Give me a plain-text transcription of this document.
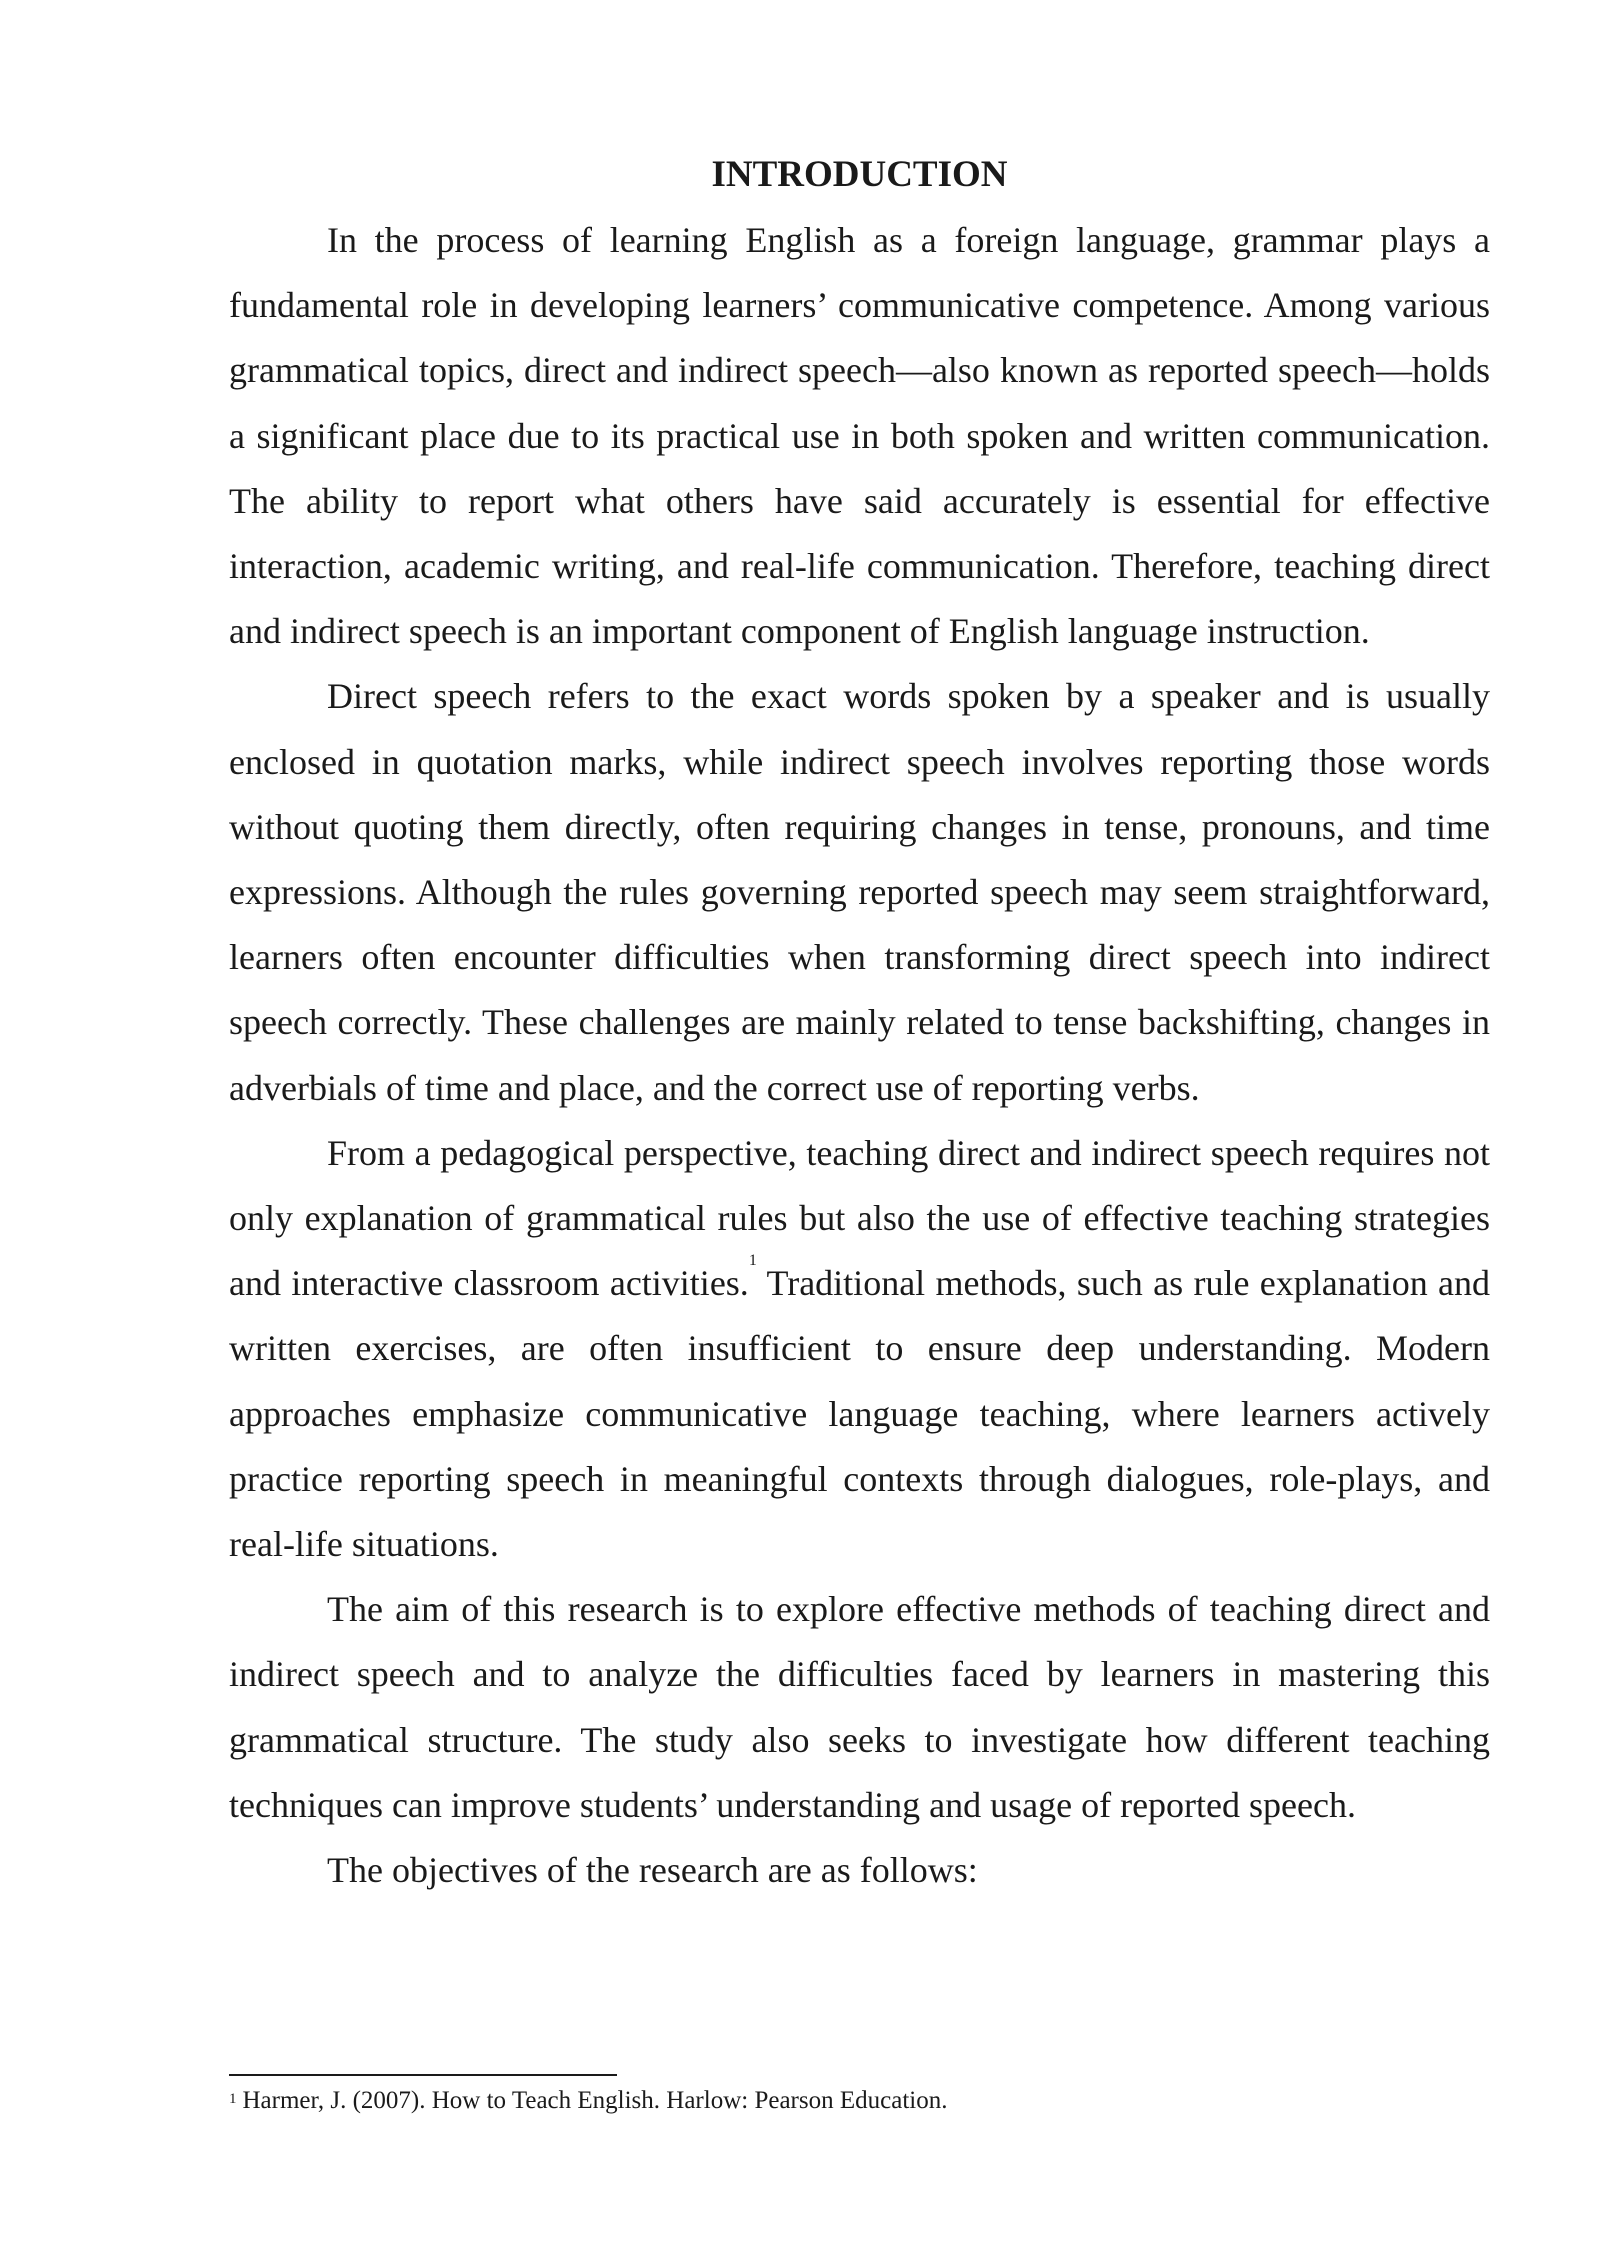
INTRODUCTION

In the process of learning English as a foreign language, grammar plays a fundamental role in developing learners’ communicative competence. Among various grammatical topics, direct and indirect speech—also known as reported speech—holds a significant place due to its practical use in both spoken and written communication. The ability to report what others have said accurately is essential for effective interaction, academic writing, and real-life communication. Therefore, teaching direct and indirect speech is an important component of English language instruction.

Direct speech refers to the exact words spoken by a speaker and is usually enclosed in quotation marks, while indirect speech involves reporting those words without quoting them directly, often requiring changes in tense, pronouns, and time expressions. Although the rules governing reported speech may seem straightforward, learners often encounter difficulties when transforming direct speech into indirect speech correctly. These challenges are mainly related to tense backshifting, changes in adverbials of time and place, and the correct use of reporting verbs.

From a pedagogical perspective, teaching direct and indirect speech requires not only explanation of grammatical rules but also the use of effective teaching strategies and interactive classroom activities.$^1$ Traditional methods, such as rule explanation and written exercises, are often insufficient to ensure deep understanding. Modern approaches emphasize communicative language teaching, where learners actively practice reporting speech in meaningful contexts through dialogues, role-plays, and real-life situations.

The aim of this research is to explore effective methods of teaching direct and indirect speech and to analyze the difficulties faced by learners in mastering this grammatical structure. The study also seeks to investigate how different teaching techniques can improve students’ understanding and usage of reported speech.

The objectives of the research are as follows:

$^1$ Harmer, J. (2007). How to Teach English. Harlow: Pearson Education.
